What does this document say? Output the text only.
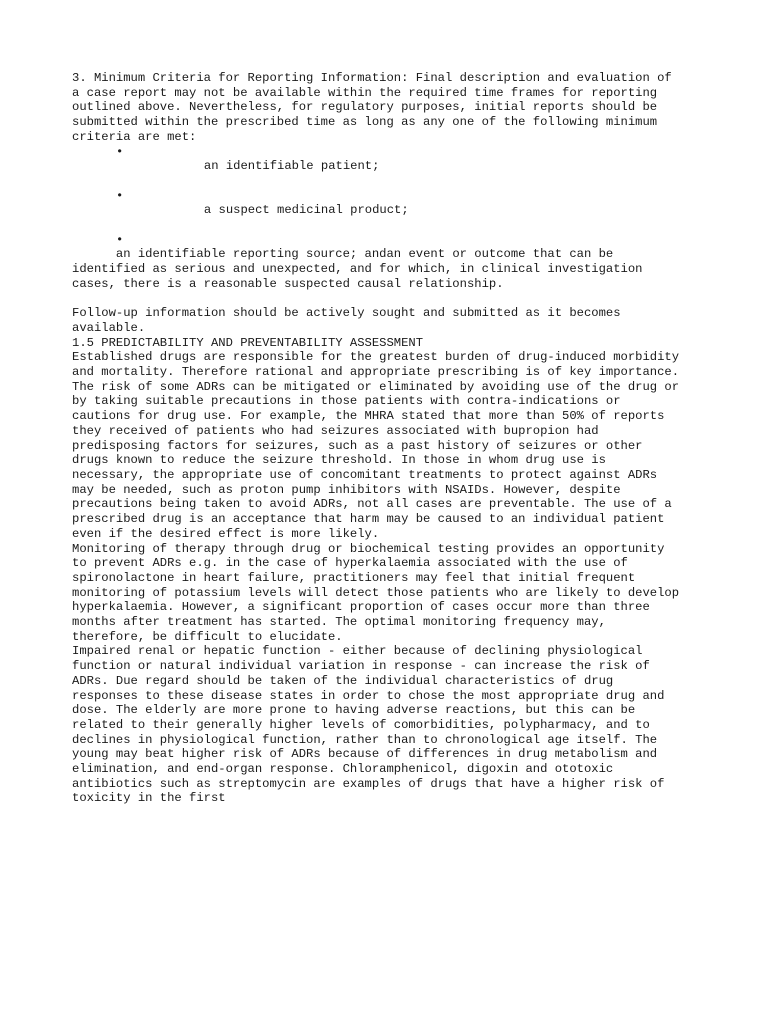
3. Minimum Criteria for Reporting Information: Final description and evaluation of
a case report may not be available within the required time frames for reporting
outlined above. Nevertheless, for regulatory purposes, initial reports should be
submitted within the prescribed time as long as any one of the following minimum
criteria are met:

•
an identifiable patient;

•
a suspect medicinal product;

•
an identifiable reporting source; andan event or outcome that can be
identified as serious and unexpected, and for which, in clinical investigation
cases, there is a reasonable suspected causal relationship.

Follow-up information should be actively sought and submitted as it becomes
available.

1.5 PREDICTABILITY AND PREVENTABILITY ASSESSMENT

Established drugs are responsible for the greatest burden of drug-induced morbidity
and mortality. Therefore rational and appropriate prescribing is of key importance.
The risk of some ADRs can be mitigated or eliminated by avoiding use of the drug or
by taking suitable precautions in those patients with contra-indications or
cautions for drug use. For example, the MHRA stated that more than 50% of reports
they received of patients who had seizures associated with bupropion had
predisposing factors for seizures, such as a past history of seizures or other
drugs known to reduce the seizure threshold. In those in whom drug use is
necessary, the appropriate use of concomitant treatments to protect against ADRs
may be needed, such as proton pump inhibitors with NSAIDs. However, despite
precautions being taken to avoid ADRs, not all cases are preventable. The use of a
prescribed drug is an acceptance that harm may be caused to an individual patient
even if the desired effect is more likely.

Monitoring of therapy through drug or biochemical testing provides an opportunity
to prevent ADRs e.g. in the case of hyperkalaemia associated with the use of
spironolactone in heart failure, practitioners may feel that initial frequent
monitoring of potassium levels will detect those patients who are likely to develop
hyperkalaemia. However, a significant proportion of cases occur more than three
months after treatment has started. The optimal monitoring frequency may,
therefore, be difficult to elucidate.

Impaired renal or hepatic function - either because of declining physiological
function or natural individual variation in response - can increase the risk of
ADRs. Due regard should be taken of the individual characteristics of drug
responses to these disease states in order to chose the most appropriate drug and
dose. The elderly are more prone to having adverse reactions, but this can be
related to their generally higher levels of comorbidities, polypharmacy, and to
declines in physiological function, rather than to chronological age itself. The
young may beat higher risk of ADRs because of differences in drug metabolism and
elimination, and end-organ response. Chloramphenicol, digoxin and ototoxic
antibiotics such as streptomycin are examples of drugs that have a higher risk of
toxicity in the first
